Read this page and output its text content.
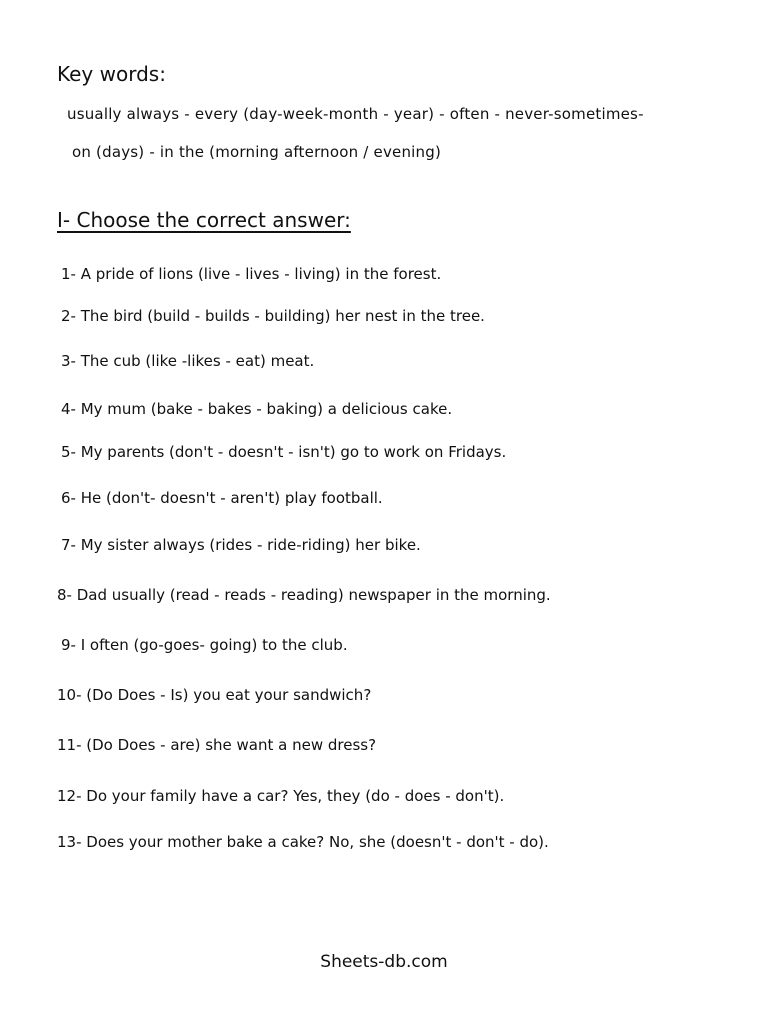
Key words:
usually always - every (day-week-month - year) - often - never-sometimes-
on (days) - in the (morning afternoon / evening)
I- Choose the correct answer:
1- A pride of lions (live - lives - living) in the forest.
2- The bird (build - builds - building) her nest in the tree.
3- The cub (like -likes - eat) meat.
4- My mum (bake - bakes - baking) a delicious cake.
5- My parents (don't - doesn't - isn't) go to work on Fridays.
6- He (don't- doesn't - aren't) play football.
7- My sister always (rides - ride-riding) her bike.
8- Dad usually (read - reads - reading) newspaper in the morning.
9- I often (go-goes- going) to the club.
10- (Do Does - Is) you eat your sandwich?
11- (Do Does - are) she want a new dress?
12- Do your family have a car? Yes, they (do - does - don't).
13- Does your mother bake a cake? No, she (doesn't - don't - do).
Sheets-db.com
